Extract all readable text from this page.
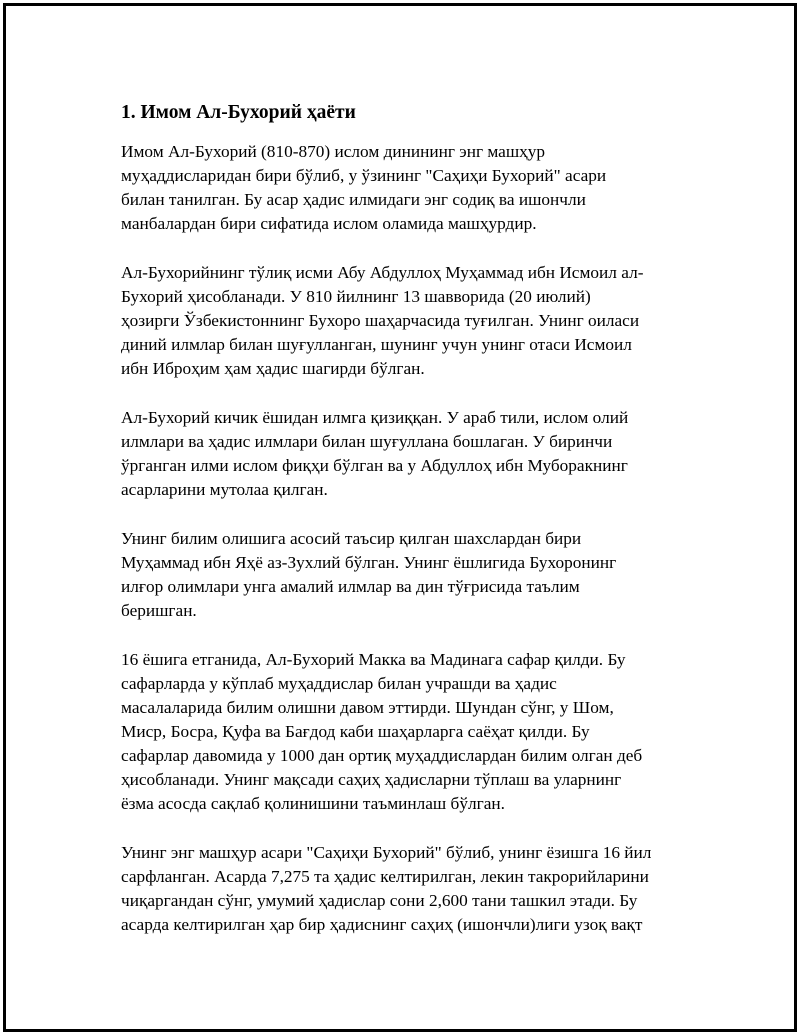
1. Имом Ал-Бухорий ҳаёти

Имом Ал-Бухорий (810-870) ислом динининг энг машҳур
муҳаддисларидан бири бўлиб, у ўзининг "Саҳиҳи Бухорий" асари
билан танилган. Бу асар ҳадис илмидаги энг содиқ ва ишончли
манбалардан бири сифатида ислом оламида машҳурдир.

Ал-Бухорийнинг тўлиқ исми Абу Абдуллоҳ Муҳаммад ибн Исмоил ал-
Бухорий ҳисобланади. У 810 йилнинг 13 шавворида (20 июлий)
ҳозирги Ўзбекистоннинг Бухоро шаҳарчасида туғилган. Унинг оиласи
диний илмлар билан шуғулланган, шунинг учун унинг отаси Исмоил
ибн Иброҳим ҳам ҳадис шагирди бўлган.

Ал-Бухорий кичик ёшидан илмга қизиққан. У араб тили, ислом олий
илмлари ва ҳадис илмлари билан шуғуллана бошлаган. У биринчи
ўрганган илми ислом фиқҳи бўлган ва у Абдуллоҳ ибн Муборакнинг
асарларини мутолаа қилган.

Унинг билим олишига асосий таъсир қилган шахслардан бири
Муҳаммад ибн Яҳё аз-Зухлий бўлган. Унинг ёшлигида Бухоронинг
илғор олимлари унга амалий илмлар ва дин тўғрисида таълим
беришган.

16 ёшига етганида, Ал-Бухорий Макка ва Мадинага сафар қилди. Бу
сафарларда у кўплаб муҳаддислар билан учрашди ва ҳадис
масалаларида билим олишни давом эттирди. Шундан сўнг, у Шом,
Миср, Босра, Қуфа ва Бағдод каби шаҳарларга саёҳат қилди. Бу
сафарлар давомида у 1000 дан ортиқ муҳаддислардан билим олган деб
ҳисобланади. Унинг мақсади саҳиҳ ҳадисларни тўплаш ва уларнинг
ёзма асосда сақлаб қолинишини таъминлаш бўлган.

Унинг энг машҳур асари "Саҳиҳи Бухорий" бўлиб, унинг ёзишга 16 йил
сарфланган. Асарда 7,275 та ҳадис келтирилган, лекин такрорийларини
чиқаргандан сўнг, умумий ҳадислар сони 2,600 тани ташкил этади. Бу
асарда келтирилган ҳар бир ҳадиснинг саҳиҳ (ишончли)лиги узоқ вақт
